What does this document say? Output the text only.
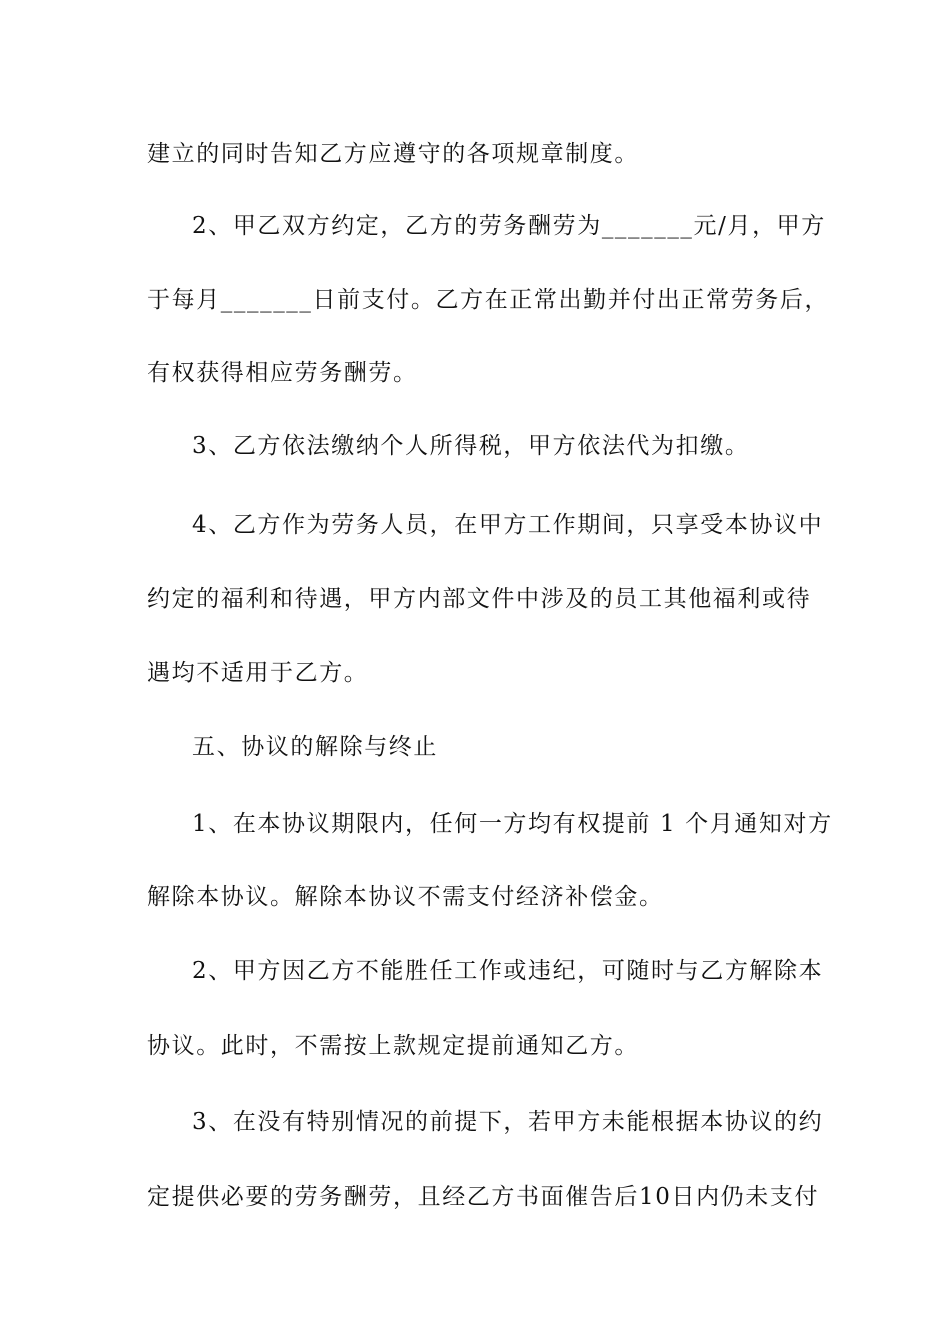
建立的同时告知乙方应遵守的各项规章制度。
2、甲乙双方约定，乙方的劳务酬劳为_______元/月，甲方
于每月_______日前支付。乙方在正常出勤并付出正常劳务后，
有权获得相应劳务酬劳。
3、乙方依法缴纳个人所得税，甲方依法代为扣缴。
4、乙方作为劳务人员，在甲方工作期间，只享受本协议中
约定的福利和待遇，甲方内部文件中涉及的员工其他福利或待
遇均不适用于乙方。
五、协议的解除与终止
1、在本协议期限内，任何一方均有权提前 1 个月通知对方
解除本协议。解除本协议不需支付经济补偿金。
2、甲方因乙方不能胜任工作或违纪，可随时与乙方解除本
协议。此时，不需按上款规定提前通知乙方。
3、在没有特别情况的前提下，若甲方未能根据本协议的约
定提供必要的劳务酬劳，且经乙方书面催告后10日内仍未支付
